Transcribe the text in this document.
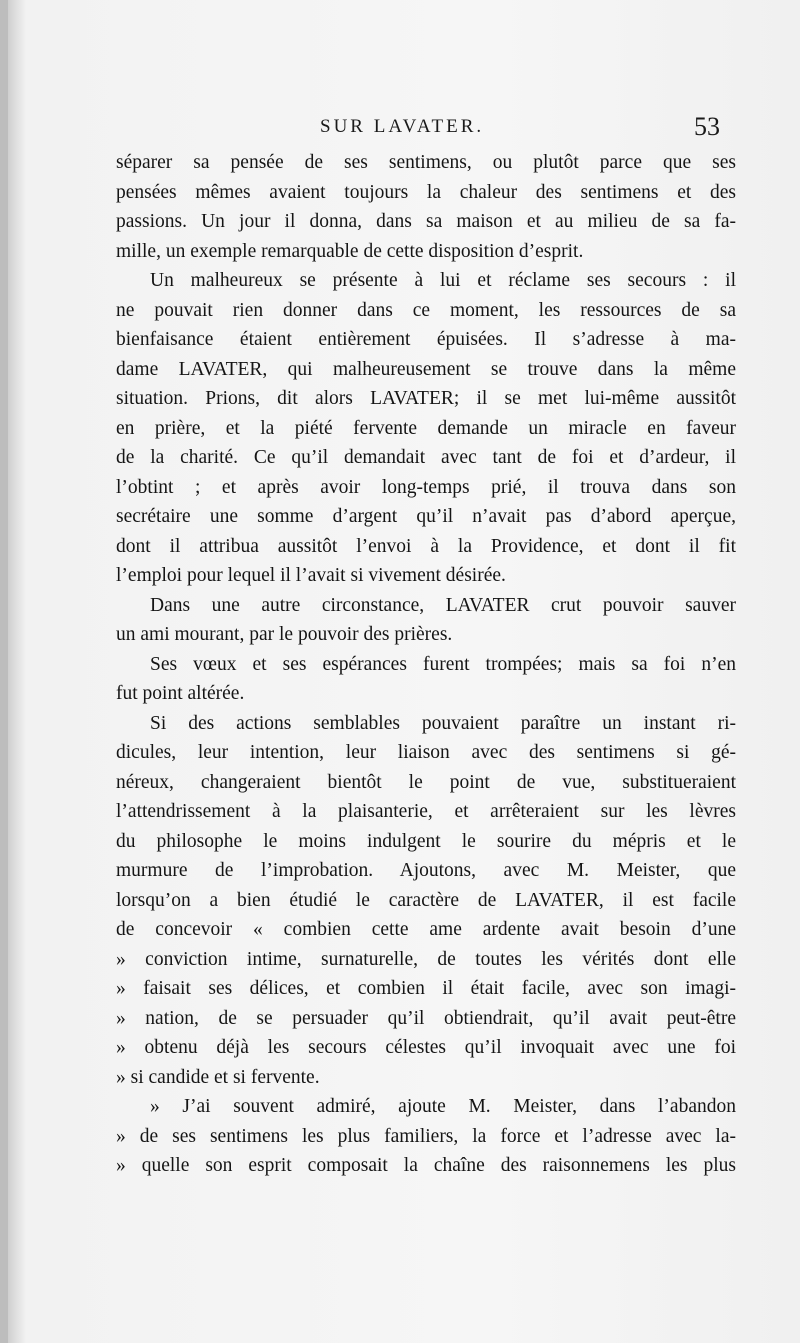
SUR LAVATER.	53
séparer sa pensée de ses sentimens, ou plutôt parce que ses
pensées mêmes avaient toujours la chaleur des sentimens et des
passions. Un jour il donna, dans sa maison et au milieu de sa fa-
mille, un exemple remarquable de cette disposition d’esprit.
Un malheureux se présente à lui et réclame ses secours : il
ne pouvait rien donner dans ce moment, les ressources de sa
bienfaisance étaient entièrement épuisées. Il s’adresse à ma-
dame LAVATER, qui malheureusement se trouve dans la même
situation. Prions, dit alors LAVATER; il se met lui-même aussitôt
en prière, et la piété fervente demande un miracle en faveur
de la charité. Ce qu’il demandait avec tant de foi et d’ardeur, il
l’obtint ; et après avoir long-temps prié, il trouva dans son
secrétaire une somme d’argent qu’il n’avait pas d’abord aperçue,
dont il attribua aussitôt l’envoi à la Providence, et dont il fit
l’emploi pour lequel il l’avait si vivement désirée.
Dans une autre circonstance, LAVATER crut pouvoir sauver
un ami mourant, par le pouvoir des prières.
Ses vœux et ses espérances furent trompées; mais sa foi n’en
fut point altérée.
Si des actions semblables pouvaient paraître un instant ri-
dicules, leur intention, leur liaison avec des sentimens si gé-
néreux, changeraient bientôt le point de vue, substitueraient
l’attendrissement à la plaisanterie, et arrêteraient sur les lèvres
du philosophe le moins indulgent le sourire du mépris et le
murmure de l’improbation. Ajoutons, avec M. Meister, que
lorsqu’on a bien étudié le caractère de LAVATER, il est facile
de concevoir « combien cette ame ardente avait besoin d’une
» conviction intime, surnaturelle, de toutes les vérités dont elle
» faisait ses délices, et combien il était facile, avec son imagi-
» nation, de se persuader qu’il obtiendrait, qu’il avait peut-être
» obtenu déjà les secours célestes qu’il invoquait avec une foi
» si candide et si fervente.
» J’ai souvent admiré, ajoute M. Meister, dans l’abandon
» de ses sentimens les plus familiers, la force et l’adresse avec la-
» quelle son esprit composait la chaîne des raisonnemens les plus
